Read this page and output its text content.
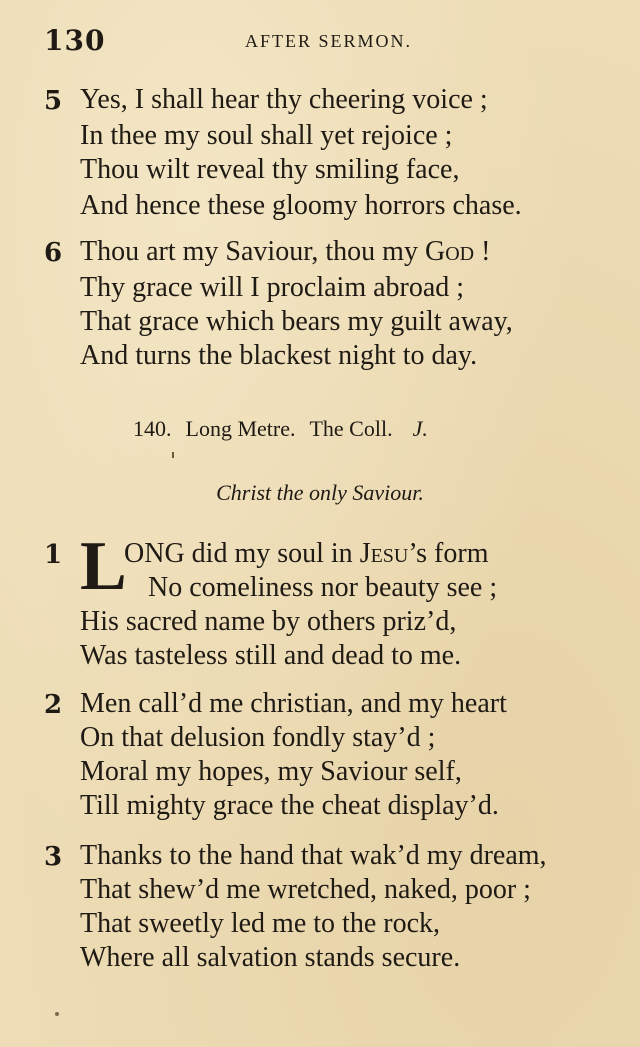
130	AFTER SERMON.
5 Yes, I shall hear thy cheering voice ;
In thee my soul shall yet rejoice ;
Thou wilt reveal thy smiling face,
And hence these gloomy horrors chase.
6 Thou art my Saviour, thou my God !
Thy grace will I proclaim abroad ;
That grace which bears my guilt away,
And turns the blackest night to day.
140. Long Metre. The Coll. J.
Christ the only Saviour.
L
1 ONG did my soul in Jesu’s form
No comeliness nor beauty see ;
His sacred name by others priz’d,
Was tasteless still and dead to me.
2 Men call’d me christian, and my heart
On that delusion fondly stay’d ;
Moral my hopes, my Saviour self,
Till mighty grace the cheat display’d.
3 Thanks to the hand that wak’d my dream,
That shew’d me wretched, naked, poor ;
That sweetly led me to the rock,
Where all salvation stands secure.
